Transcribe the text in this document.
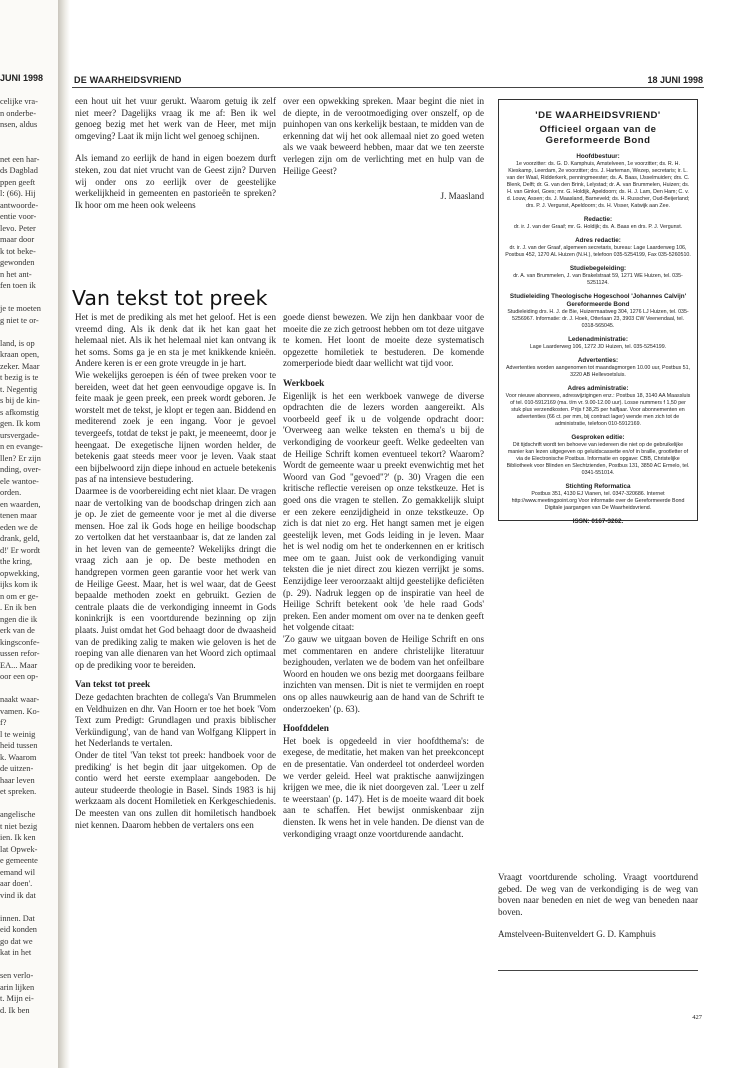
JUNI 1998
celijke vra-
n onderbe-
nsen, aldus
net een har-
ds Dagblad
ppen geeft
l: (66). Hij
antwoorde-
entie voor-
levo. Peter
maar door
k tot beke-
gewonden
n het ant-
fen toen ik
je te moeten
g niet te or-
land, is op
kraan open,
zeker. Maar
t bezig is te
t. Negentig
s bij de kin-
s afkomstig
gen. Ik kom
ursvergade-
n en evange-
llen? Er zijn
nding, over-
ele wantoe-
orden.
en waarden,
tenen maar
eden we de
drank, geld,
d!' Er wordt
the kring,
opwekking,
ijks kom ik
n om er ge-
. En ik ben
ngen die ik
erk van de
kingsconfe-
ussen refor-
EA... Maar
oor een op-
naakt waar-
vamen. Ko-
f?
l te weinig
heid tussen
k. Waarom
de uitzen-
haar leven
et spreken.
angelische
t niet bezig
ien. Ik ken
lat Opwek-
e gemeente
emand wil
aar doen'.
vind ik dat
innen. Dat
eid konden
go dat we
kat in het
sen verlo-
arin lijken
t. Mijn ei-
d. Ik ben
DE WAARHEIDSVRIEND	18 JUNI 1998

een hout uit het vuur gerukt. Waarom getuig ik zelf niet meer? Dagelijks vraag ik me af: Ben ik wel genoeg bezig met het werk van de Heer, met mijn omgeving? Laat ik mijn licht wel genoeg schijnen.

Als iemand zo eerlijk de hand in eigen boezem durft steken, zou dat niet vrucht van de Geest zijn? Durven wij onder ons zo eerlijk over de geestelijke werkelijkheid in gemeenten en pastorieën te spreken? Ik hoor om me heen ook weleens

over een opwekking spreken. Maar begint die niet in de diepte, in de verootmoediging over onszelf, op de puinhopen van ons kerkelijk bestaan, te midden van de erkenning dat wij het ook allemaal niet zo goed weten als we vaak beweerd hebben, maar dat we ten zeerste verlegen zijn om de verlichting met en hulp van de Heilige Geest?

J. Maasland

Van tekst tot preek

Het is met de prediking als met het geloof. Het is een vreemd ding. Als ik denk dat ik het kan gaat het helemaal niet. Als ik het helemaal niet kan ontvang ik het soms. Soms ga je en sta je met knikkende knieën. Andere keren is er een grote vreugde in je hart.

Wie wekelijks geroepen is één of twee preken voor te bereiden, weet dat het geen eenvoudige opgave is. In feite maak je geen preek, een preek wordt geboren. Je worstelt met de tekst, je klopt er tegen aan. Biddend en mediterend zoek je een ingang. Voor je gevoel tevergeefs, totdat de tekst je pakt, je meeneemt, door je heengaat. De exegetische lijnen worden helder, de betekenis gaat steeds meer voor je leven. Vaak staat een bijbelwoord zijn diepe inhoud en actuele betekenis pas af na intensieve bestudering.

Daarmee is de voorbereiding echt niet klaar. De vragen naar de vertolking van de boodschap dringen zich aan je op. Je ziet de gemeente voor je met al die diverse mensen. Hoe zal ik Gods hoge en heilige boodschap zo vertolken dat het verstaanbaar is, dat ze landen zal in het leven van de gemeente? Wekelijks dringt die vraag zich aan je op. De beste methoden en handgrepen vormen geen garantie voor het werk van de Heilige Geest. Maar, het is wel waar, dat de Geest bepaalde methoden zoekt en gebruikt. Gezien de centrale plaats die de verkondiging inneemt in Gods koninkrijk is een voortdurende bezinning op zijn plaats. Juist omdat het God behaagt door de dwaasheid van de prediking zalig te maken wie geloven is het de roeping van alle dienaren van het Woord zich optimaal op de prediking voor te bereiden.

Van tekst tot preek

Deze gedachten brachten de collega's Van Brummelen en Veldhuizen en dhr. Van Hoorn er toe het boek 'Vom Text zum Predigt: Grundlagen und praxis biblischer Verkündigung', van de hand van Wolfgang Klippert in het Nederlands te vertalen.

Onder de titel 'Van tekst tot preek: handboek voor de prediking' is het begin dit jaar uitgekomen. Op de contio werd het eerste exemplaar aangeboden. De auteur studeerde theologie in Basel. Sinds 1983 is hij werkzaam als docent Homiletiek en Kerkgeschiedenis. De meesten van ons zullen dit homiletisch handboek niet kennen. Daarom hebben de vertalers ons een

goede dienst bewezen. We zijn hen dankbaar voor de moeite die ze zich getroost hebben om tot deze uitgave te komen. Het loont de moeite deze systematisch opgezette homiletiek te bestuderen. De komende zomerperiode biedt daar wellicht wat tijd voor.

Werkboek

Eigenlijk is het een werkboek vanwege de diverse opdrachten die de lezers worden aangereikt. Als voorbeeld geef ik u de volgende opdracht door: 'Overweeg aan welke teksten en thema's u bij de verkondiging de voorkeur geeft. Welke gedeelten van de Heilige Schrift komen eventueel tekort? Waarom? Wordt de gemeente waar u preekt evenwichtig met het Woord van God "gevoed"?' (p. 30) Vragen die een kritische reflectie vereisen op onze tekstkeuze. Het is goed ons die vragen te stellen. Zo gemakkelijk sluipt er een zekere eenzijdigheid in onze tekstkeuze. Op zich is dat niet zo erg. Het hangt samen met je eigen geestelijk leven, met Gods leiding in je leven. Maar het is wel nodig om het te onderkennen en er kritisch mee om te gaan. Juist ook de verkondiging vanuit teksten die je niet direct zou kiezen verrijkt je soms. Eenzijdige leer veroorzaakt altijd geestelijke deficiëten (p. 29). Nadruk leggen op de inspiratie van heel de Heilige Schrift betekent ook 'de hele raad Gods' preken. Een ander moment om over na te denken geeft het volgende citaat:

'Zo gauw we uitgaan boven de Heilige Schrift en ons met commentaren en andere christelijke literatuur bezighouden, verlaten we de bodem van het onfeilbare Woord en houden we ons bezig met doorgaans feilbare inzichten van mensen. Dit is niet te vermijden en roept ons op alles nauwkeurig aan de hand van de Schrift te onderzoeken' (p. 63).

Hoofddelen

Het boek is opgedeeld in vier hoofdthema's: de exegese, de meditatie, het maken van het preekconcept en de presentatie. Van onderdeel tot onderdeel worden we verder geleid. Heel wat praktische aanwijzingen krijgen we mee, die ik niet doorgeven zal. 'Leer u zelf te weerstaan' (p. 147). Het is de moeite waard dit boek aan te schaffen. Het bewijst onmiskenbaar zijn diensten. Ik wens het in vele handen. De dienst van de verkondiging vraagt onze voortdurende aandacht.

'DE WAARHEIDSVRIEND'
Officieel orgaan van de
Gereformeerde Bond
Hoofdbestuur:
1e voorzitter: ds. G. D. Kamphuis, Amstelveen, 1e voorzitter; ds. R. H. Kieskamp, Leerdam, 2e voorzitter; drs. J. Harteman, Wezep, secretaris; ir. L. van der Waal, Ridderkerk, penningmeester; ds. A. Baas, IJsselmuiden; drs. C. Blenk, Delft; dr. G. van den Brink, Lelystad; dr. A. van Brummelen, Huizen; ds. H. van Ginkel, Goes; mr. G. Holdijk, Apeldoorn; ds. H. J. Lam, Den Ham; C. v. d. Louw, Assen; ds. J. Maasland, Barneveld; ds. H. Russcher, Oud-Beijerland; drs. P. J. Vergunst, Apeldoorn; ds. H. Visser, Katwijk aan Zee.
Redactie:
dr. ir. J. van der Graaf; mr. G. Holdijk; ds. A. Baas en drs. P. J. Vergunst.
Adres redactie:
dr. ir. J. van der Graaf, algemeen secretaris, bureau: Lage Laarderweg 106, Postbus 452, 1270 AL Huizen (N.H.), telefoon 035-5254199, Fax 035-5260510.
Studiebegeleiding:
dr. A. van Brummelen, J. van Brakelstraat 59, 1271 WE Huizen, tel. 035-5251124.
Studieleiding Theologische Hogeschool 'Johannes Calvijn' Gereformeerde Bond
Studieleiding drs. H. J. de Bie, Huizermaatweg 304, 1276 LJ Huizen, tel. 035-5256967. Informatie: dr. J. Hoek, Otterlaan 23, 3903 CW Veenendaal, tel. 0318-565045.
Ledenadministratie:
Lage Laarderweg 106, 1272 JD Huizen, tel. 035-5254199.
Advertenties:
Advertenties worden aangenomen tot maandagmorgen 10.00 uur, Postbus 51, 3220 AB Hellevoetsluis.
Adres administratie:
Voor nieuwe abonnees, adreswijzigingen enz.: Postbus 18, 3140 AA Maassluis of tel. 010-5912169 (ma. t/m vr. 9.00-12.00 uur). Losse nummers f 1,50 per stuk plus verzendkosten. Prijs f 38,25 per halfjaar. Voor abonnementen en advertenties (66 ct. per mm, bij contract lager) wende men zich tot de administratie, telefoon 010-5912169.
Gesproken editie:
Dit tijdschrift wordt ten behoeve van iedereen die niet op de gebruikelijke manier kan lezen uitgegeven op geluidscassette en/of in braille, grootletter of via de Electronische Postbus. Informatie en opgave: CBB, Christelijke Bibliotheek voor Blinden en Slechtzienden, Postbus 131, 3850 AC Ermelo, tel. 0341-551014.
Stichting Reformatica
Postbus 351, 4130 EJ Vianen, tel. 0347-320686. Internet http://www.meetingpoint.org Voor informatie over de Gereformeerde Bond Digitale jaargangen van De Waarheidsvriend.
ISSN: 0167-3262.

Vraagt voortdurende scholing. Vraagt voortdurend gebed. De weg van de verkondiging is de weg van boven naar beneden en niet de weg van beneden naar boven.

Amstelveen-Buitenveldert G. D. Kamphuis

427
